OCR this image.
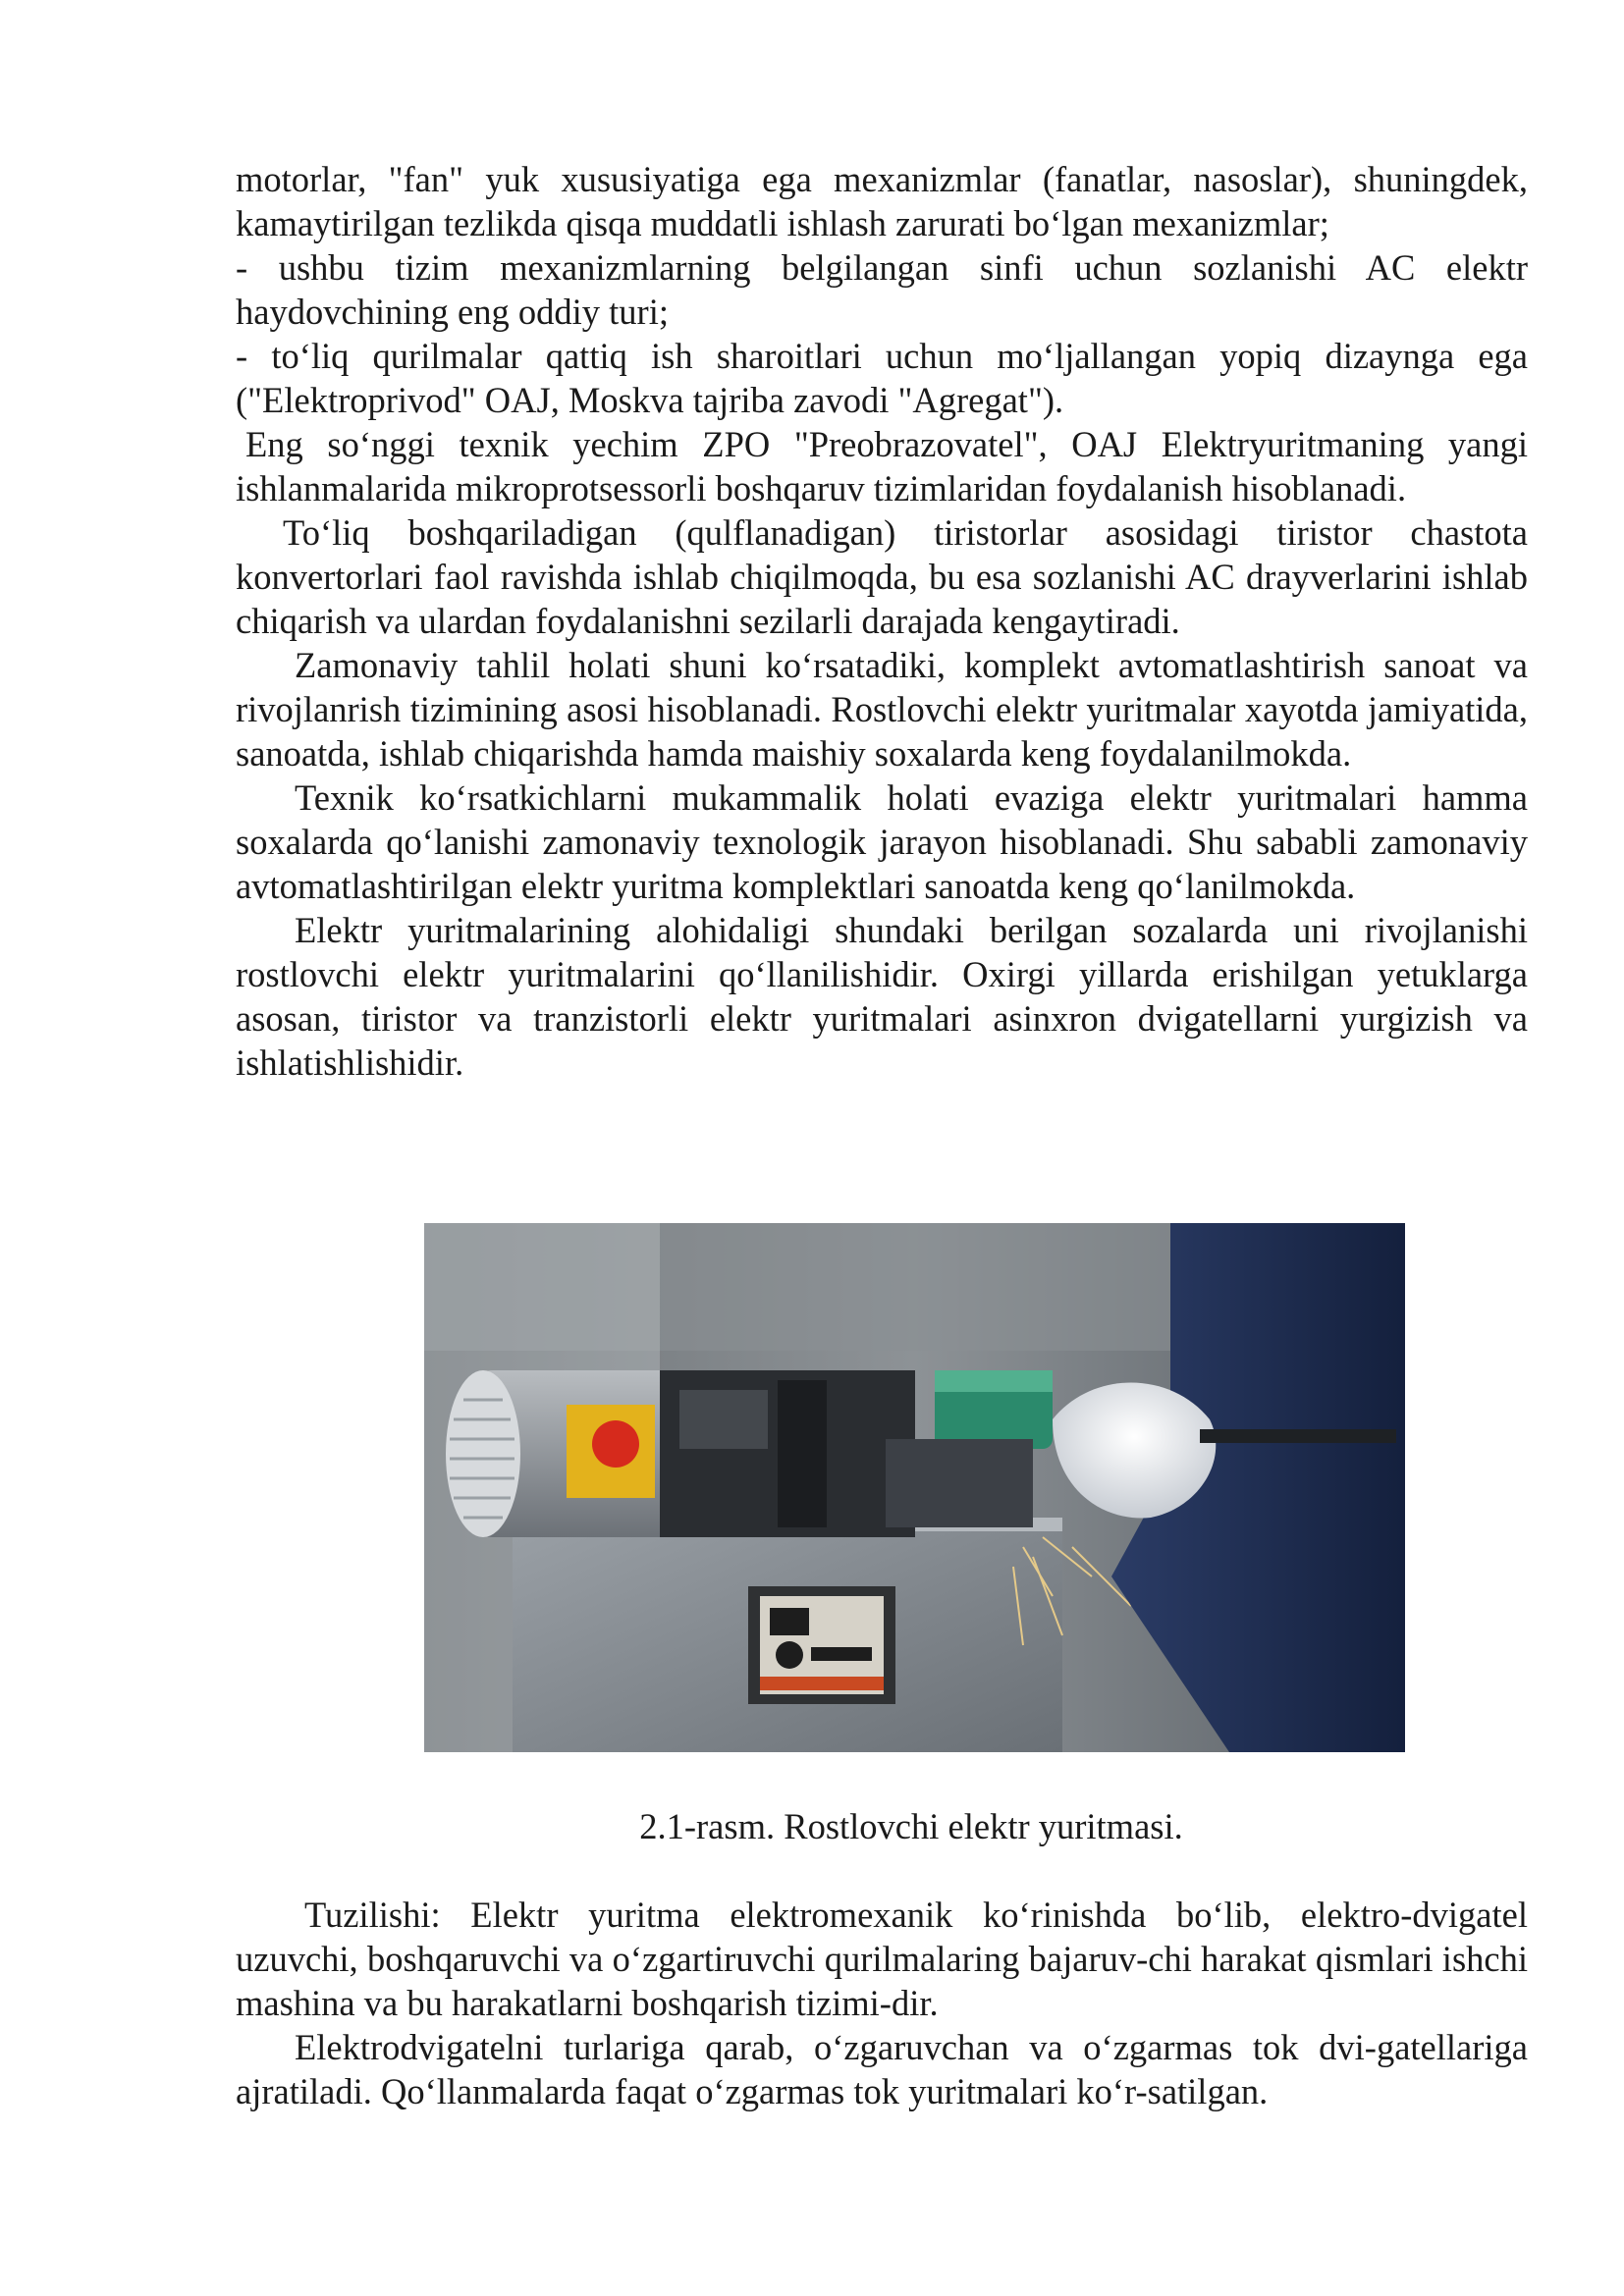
motorlar, "fan" yuk xususiyatiga ega mexanizmlar (fanatlar, nasoslar), shuningdek, kamaytirilgan tezlikda qisqa muddatli ishlash zarurati bo‘lgan mexanizmlar;

- ushbu tizim mexanizmlarning belgilangan sinfi uchun sozlanishi AC elektr haydovchining eng oddiy turi;

- to‘liq qurilmalar qattiq ish sharoitlari uchun mo‘ljallangan yopiq dizaynga ega ("Elektroprivod" OAJ, Moskva tajriba zavodi "Agregat").

Eng so‘nggi texnik yechim ZPO "Preobrazovatel", OAJ Elektryuritmaning yangi ishlanmalarida mikroprotsessorli boshqaruv tizimlaridan foydalanish hisoblanadi.

To‘liq boshqariladigan (qulflanadigan) tiristorlar asosidagi tiristor chastota konvertorlari faol ravishda ishlab chiqilmoqda, bu esa sozlanishi AC drayverlarini ishlab chiqarish va ulardan foydalanishni sezilarli darajada kengaytiradi.

Zamonaviy tahlil holati shuni ko‘rsatadiki, komplekt avtomatlashtirish sanoat va rivojlanrish tizimining asosi hisoblanadi. Rostlovchi elektr yuritmalar xayotda jamiyatida, sanoatda, ishlab chiqarishda hamda maishiy soxalarda keng foydalanilmokda.

Texnik ko‘rsatkichlarni mukammalik holati evaziga elektr yuritmalari hamma soxalarda qo‘lanishi zamonaviy texnologik jarayon hisoblanadi. Shu sababli zamonaviy avtomatlashtirilgan elektr yuritma komplektlari sanoatda keng qo‘lanilmokda.

Elektr yuritmalarining alohidaligi shundaki berilgan sozalarda uni rivojlanishi rostlovchi elektr yuritmalarini qo‘llanilishidir. Oxirgi yillarda erishilgan yetuklarga asosan, tiristor va tranzistorli elektr yuritmalari asinxron dvigatellarni yurgizish va ishlatishlishidir.

2.1-rasm. Rostlovchi elektr yuritmasi.

Tuzilishi: Elektr yuritma elektromexanik ko‘rinishda bo‘lib, elektro-dvigatel uzuvchi, boshqaruvchi va o‘zgartiruvchi qurilmalaring bajaruv-chi harakat qismlari ishchi mashina va bu harakatlarni boshqarish tizimi-dir.

Elektrodvigatelni turlariga qarab, o‘zgaruvchan va o‘zgarmas tok dvi-gatellariga ajratiladi. Qo‘llanmalarda faqat o‘zgarmas tok yuritmalari ko‘r-satilgan.
